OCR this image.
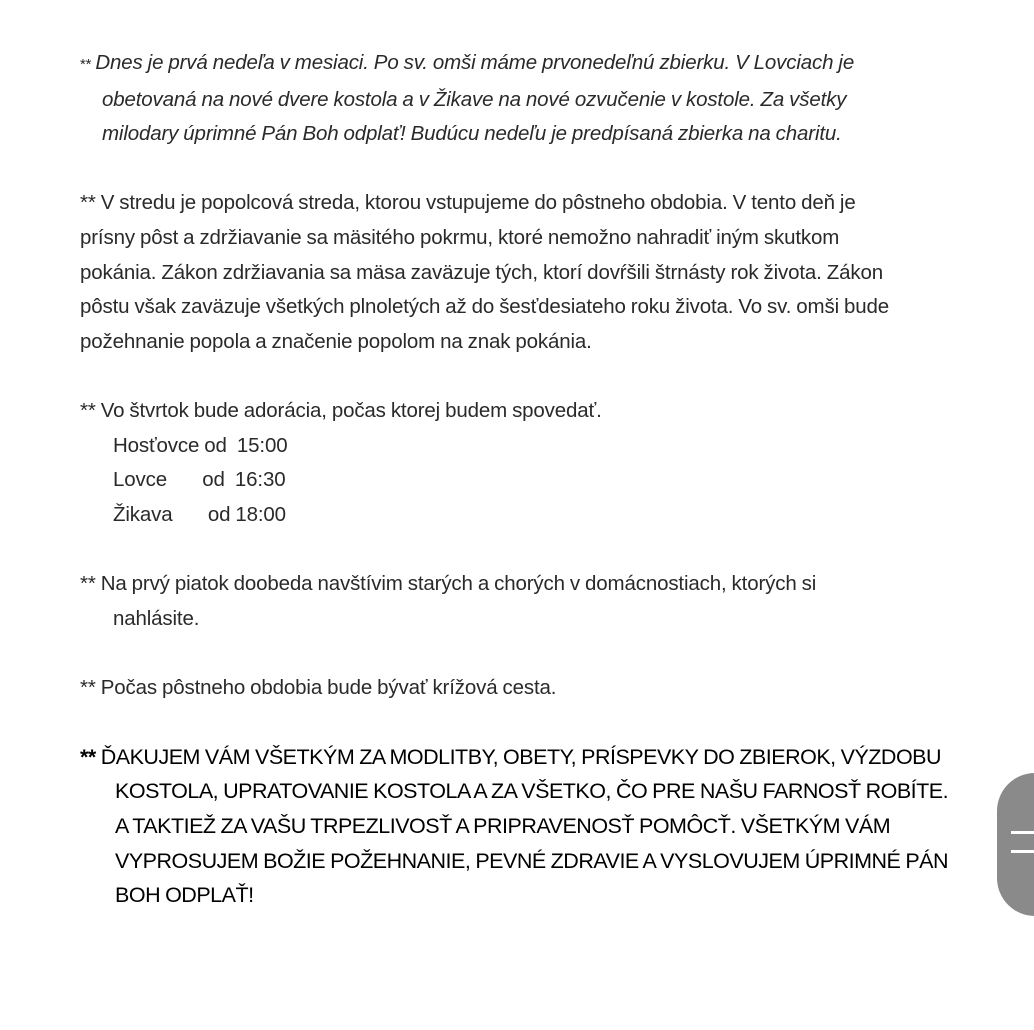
** Dnes je prvá nedeľa v mesiaci. Po sv. omši máme prvonedeľnú zbierku. V Lovciach je
obetovaná na nové dvere kostola a v Žikave na nové ozvučenie v kostole. Za všetky
milodary úprimné Pán Boh odplať! Budúcu nedeľu je predpísaná zbierka na charitu.

** V stredu je popolcová streda, ktorou vstupujeme do pôstneho obdobia. V tento deň je
prísny pôst a zdržiavanie sa mäsitého pokrmu, ktoré nemožno nahradiť iným skutkom
pokánia. Zákon zdržiavania sa mäsa zaväzuje tých, ktorí dovŕšili štrnásty rok života. Zákon
pôstu však zaväzuje všetkých plnoletých až do šesťdesiateho roku života. Vo sv. omši bude
požehnanie popola a značenie popolom na znak pokánia.

** Vo štvrtok bude adorácia, počas ktorej budem spovedať.
Hosťovce od  15:00
Lovce od  16:30
Žikava od 18:00

** Na prvý piatok doobeda navštívim starých a chorých v domácnostiach, ktorých si
nahlásite.

** Počas pôstneho obdobia bude bývať krížová cesta.

** ĎAKUJEM VÁM VŠETKÝM ZA MODLITBY, OBETY, PRÍSPEVKY DO ZBIEROK, VÝZDOBU
KOSTOLA, UPRATOVANIE KOSTOLA A ZA VŠETKO, ČO PRE NAŠU FARNOSŤ ROBÍTE.
A TAKTIEŽ ZA VAŠU TRPEZLIVOSŤ A PRIPRAVENOSŤ POMÔCŤ. VŠETKÝM VÁM
VYPROSUJEM BOŽIE POŽEHNANIE, PEVNÉ ZDRAVIE A VYSLOVUJEM ÚPRIMNÉ PÁN
BOH ODPLAŤ!
